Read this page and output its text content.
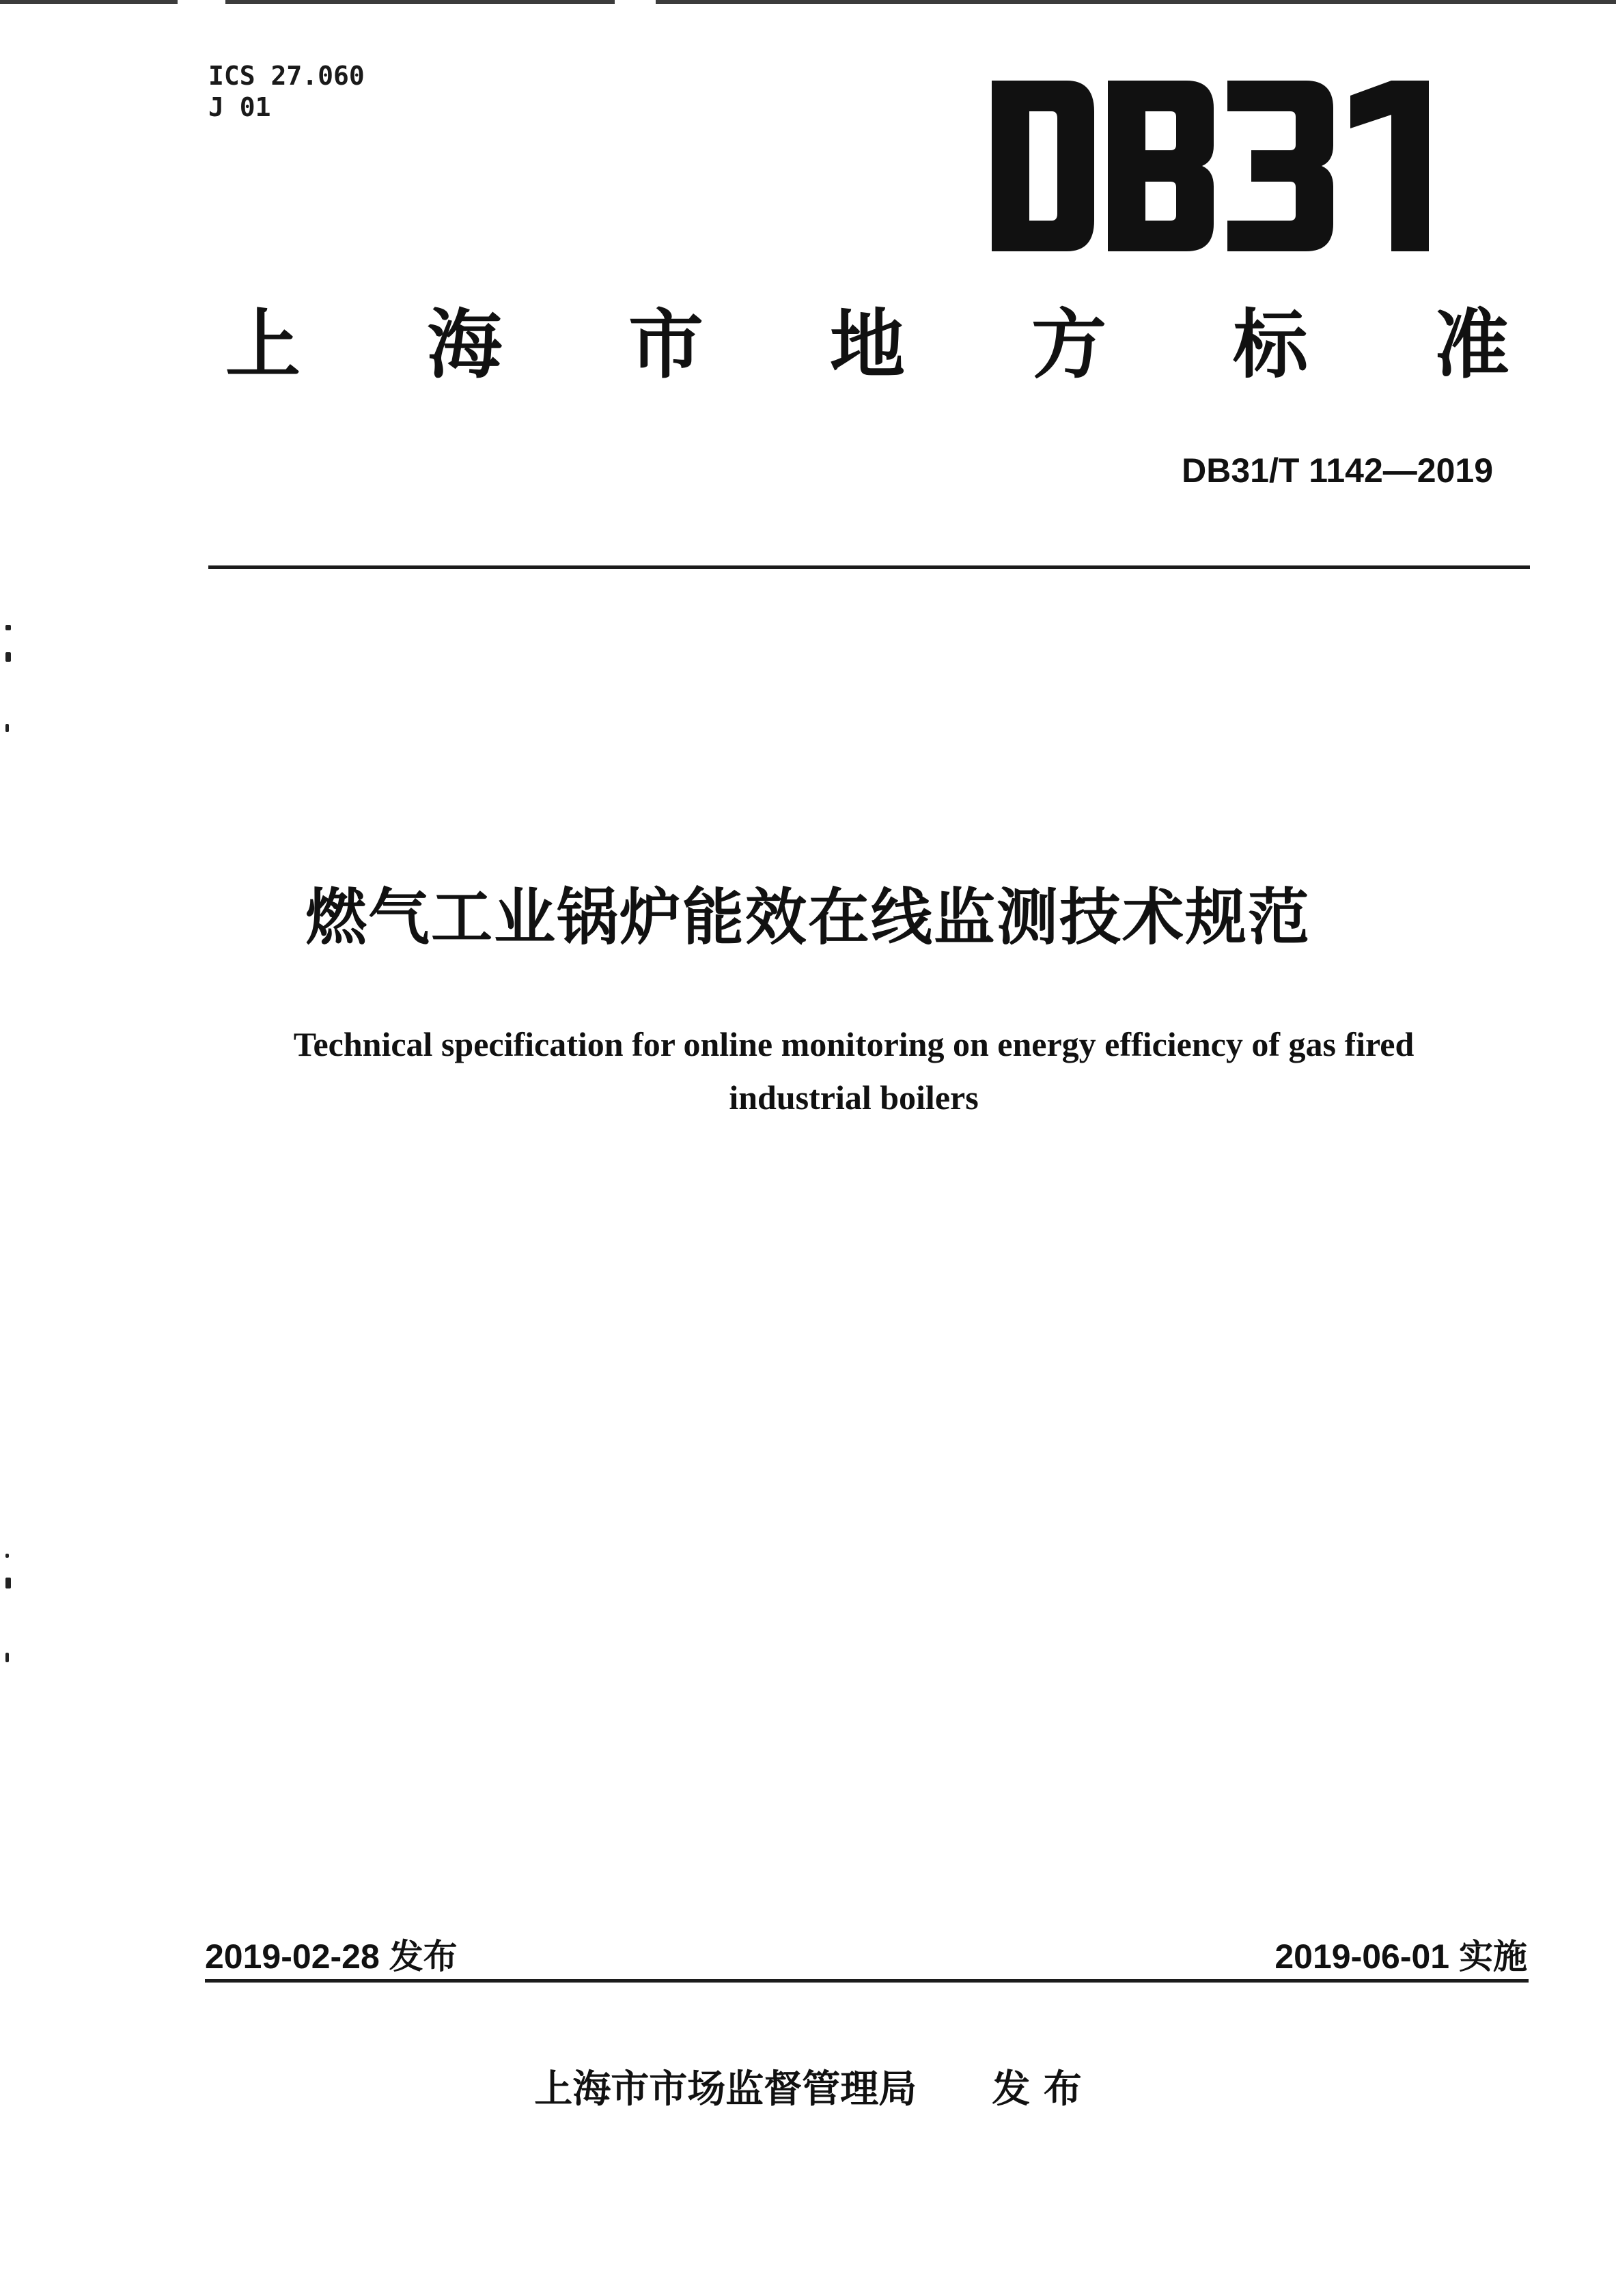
ICS 27.060
J 01
上 海 市 地 方 标 准
DB31/T 1142—2019
燃气工业锅炉能效在线监测技术规范
Technical specification for online monitoring on energy efficiency of gas fired
industrial boilers
2019-02-28 发布	2019-06-01 实施
上海市市场监督管理局 发 布
